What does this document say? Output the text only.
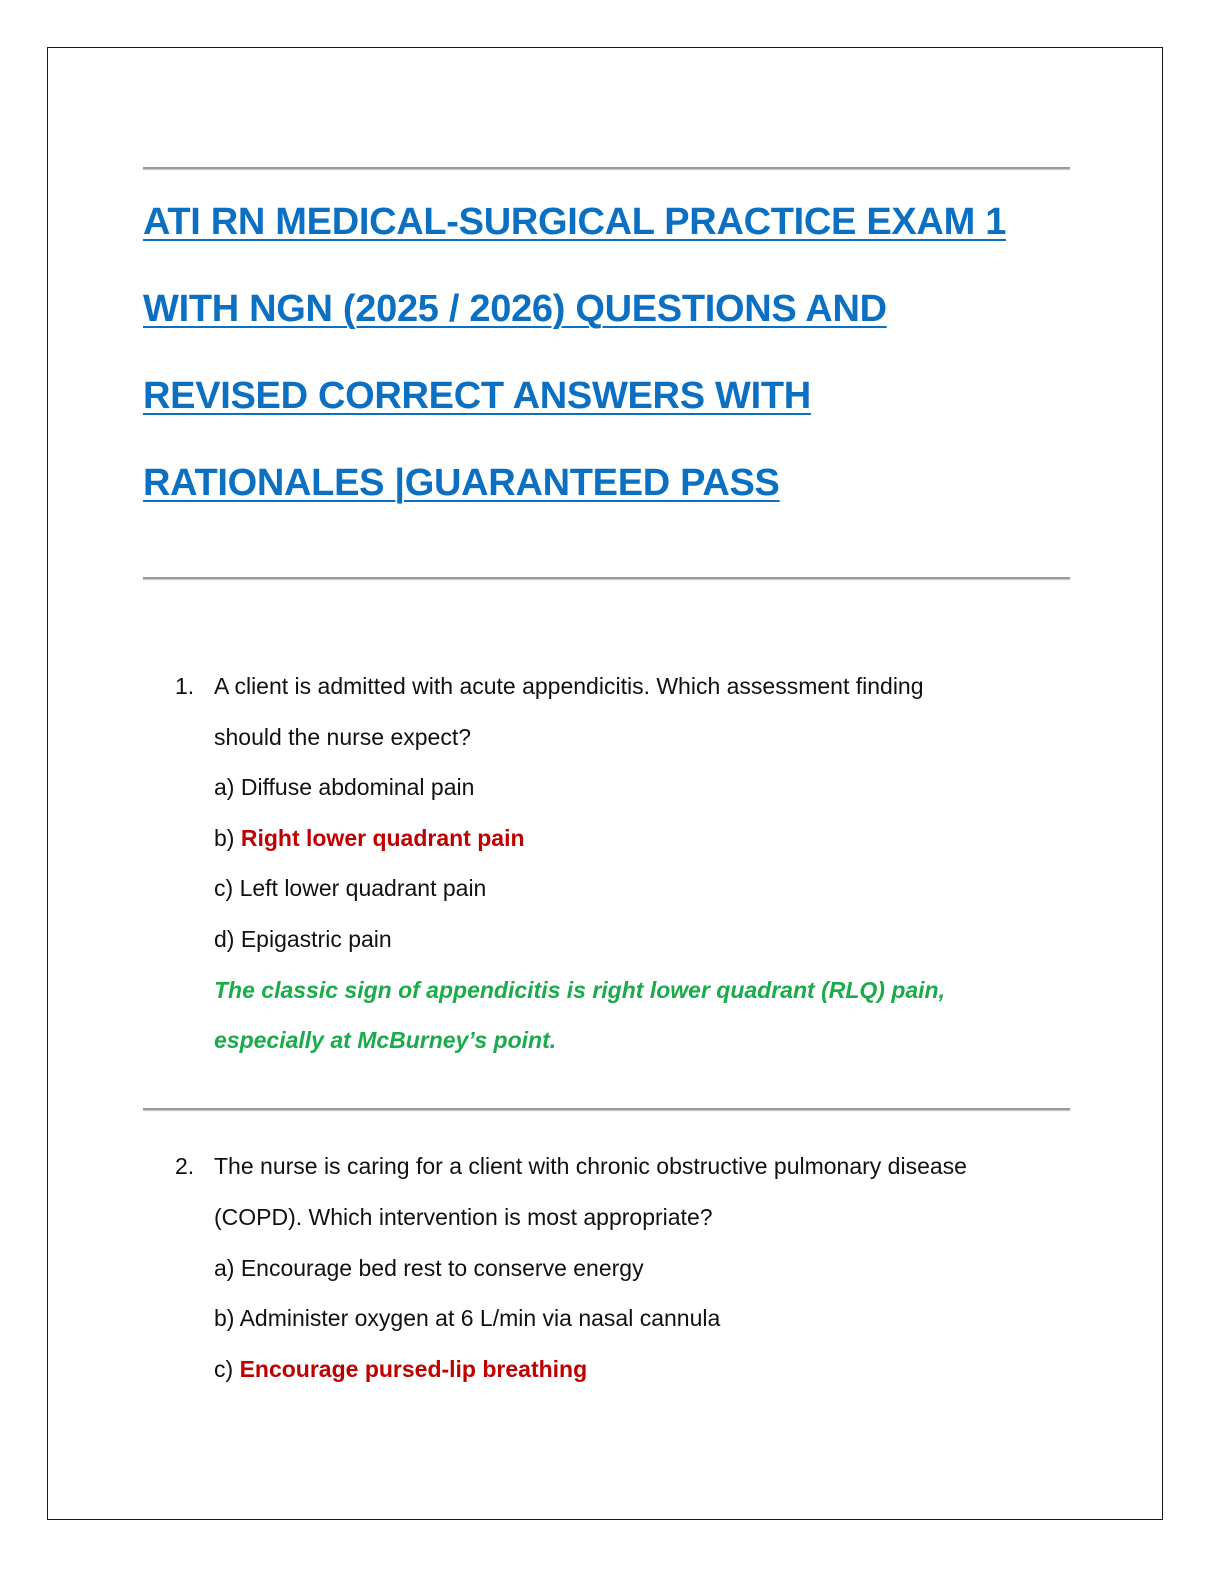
ATI RN MEDICAL-SURGICAL PRACTICE EXAM 1
WITH NGN (2025 / 2026) QUESTIONS AND
REVISED CORRECT ANSWERS WITH
RATIONALES |GUARANTEED PASS
1. A client is admitted with acute appendicitis. Which assessment finding
should the nurse expect?
a) Diffuse abdominal pain
b) Right lower quadrant pain
c) Left lower quadrant pain
d) Epigastric pain
The classic sign of appendicitis is right lower quadrant (RLQ) pain,
especially at McBurney’s point.
2. The nurse is caring for a client with chronic obstructive pulmonary disease
(COPD). Which intervention is most appropriate?
a) Encourage bed rest to conserve energy
b) Administer oxygen at 6 L/min via nasal cannula
c) Encourage pursed-lip breathing
